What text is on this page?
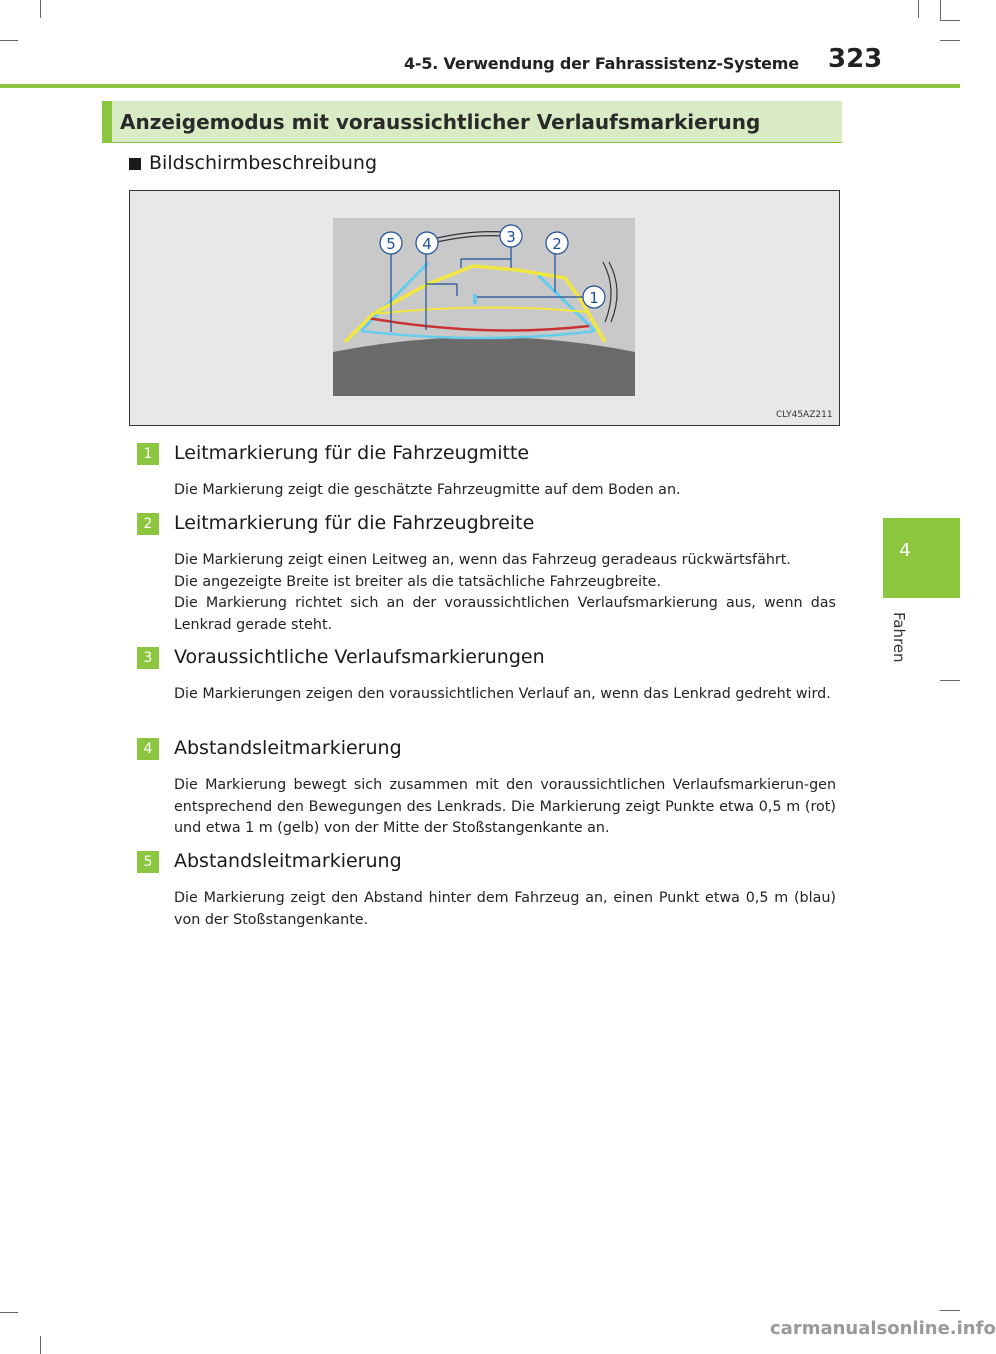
4-5. Verwendung der Fahrassistenz-Systeme 323
Anzeigemodus mit voraussichtlicher Verlaufsmarkierung
Bildschirmbeschreibung
5 4	3 2
1
CLY45AZ211
4
Fahren
1	Leitmarkierung für die Fahrzeugmitte
Die Markierung zeigt die geschätzte Fahrzeugmitte auf dem Boden an.
2	Leitmarkierung für die Fahrzeugbreite
Die Markierung zeigt einen Leitweg an, wenn das Fahrzeug geradeaus rückwärtsfährt.
Die angezeigte Breite ist breiter als die tatsächliche Fahrzeugbreite.
Die Markierung richtet sich an der voraussichtlichen Verlaufsmarkierung aus, wenn das Lenkrad gerade steht.
3	Voraussichtliche Verlaufsmarkierungen
Die Markierungen zeigen den voraussichtlichen Verlauf an, wenn das Lenkrad gedreht wird.
4	Abstandsleitmarkierung
Die Markierung bewegt sich zusammen mit den voraussichtlichen Verlaufsmarkierun-gen entsprechend den Bewegungen des Lenkrads. Die Markierung zeigt Punkte etwa 0,5 m (rot) und etwa 1 m (gelb) von der Mitte der Stoßstangenkante an.
5	Abstandsleitmarkierung
Die Markierung zeigt den Abstand hinter dem Fahrzeug an, einen Punkt etwa 0,5 m (blau) von der Stoßstangenkante.
carmanualsonline.info
